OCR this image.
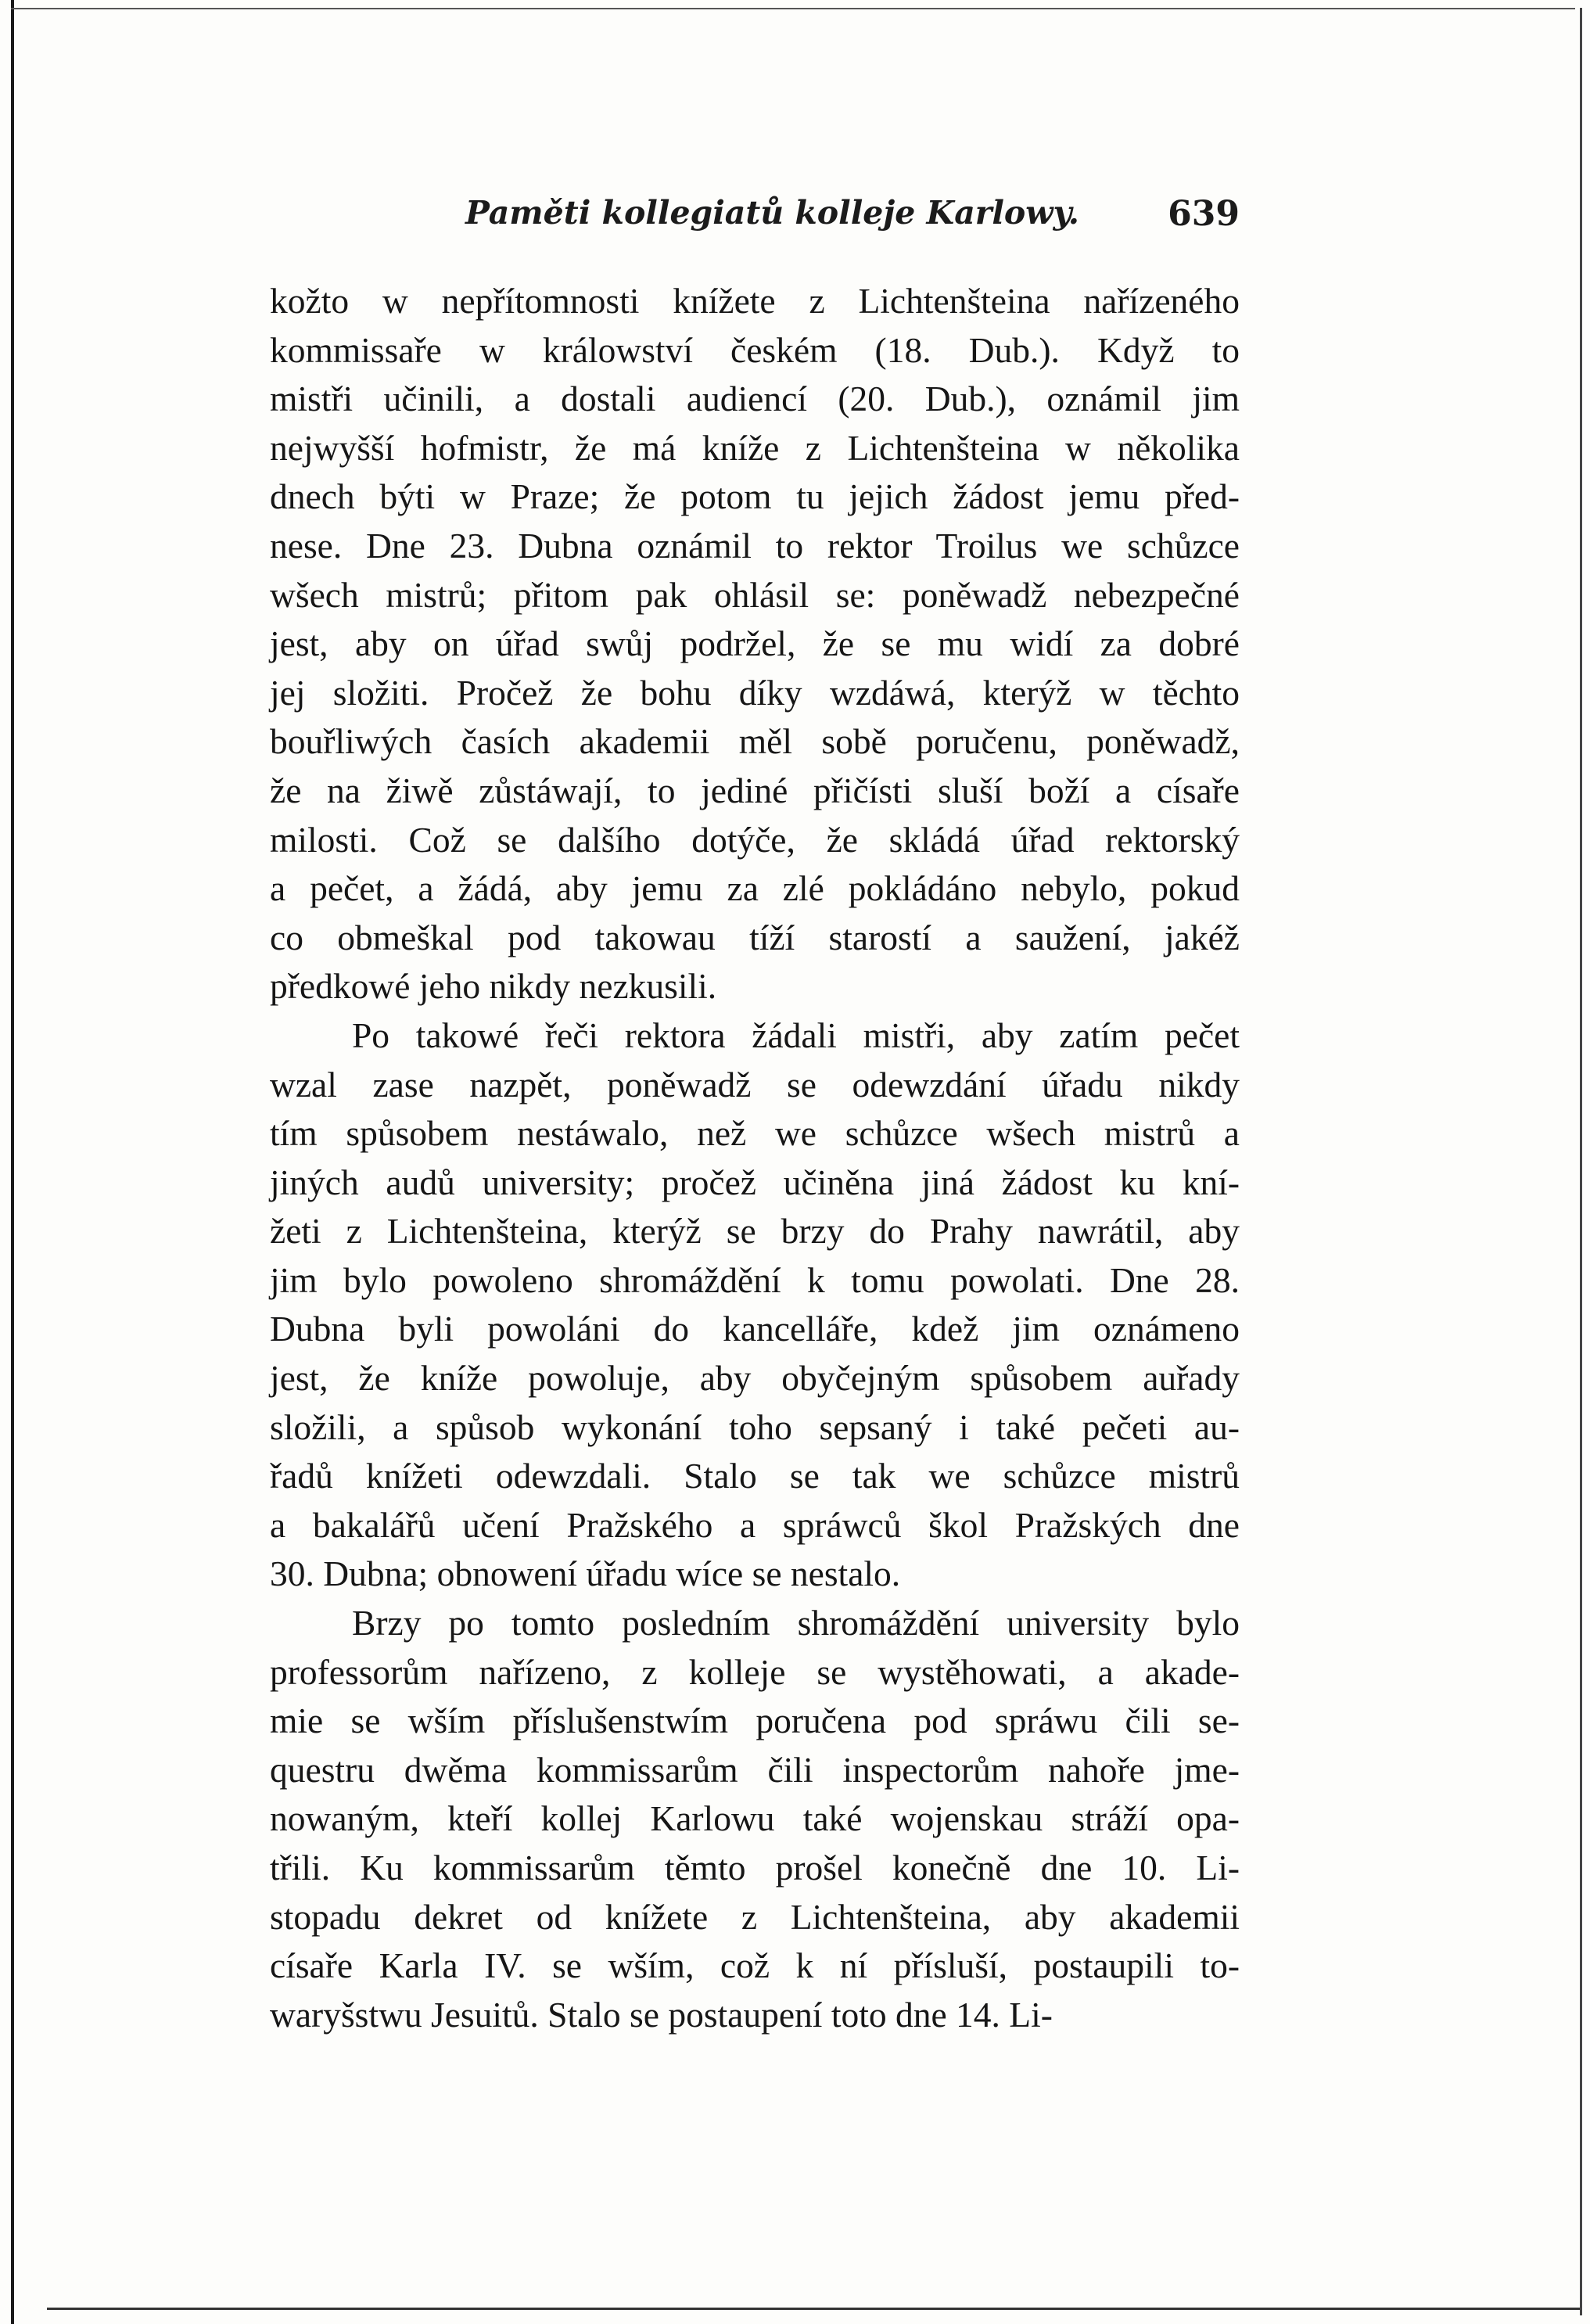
Paměti kollegiatů kolleje Karlowy.	639
kožto w nepřítomnosti knížete z Lichtenšteina nařízeného
kommissaře w králowství českém (18. Dub.). Když to
mistři učinili, a dostali audiencí (20. Dub.), oznámil jim
nejwyšší hofmistr, že má kníže z Lichtenšteina w několika
dnech býti w Praze; že potom tu jejich žádost jemu před-
nese. Dne 23. Dubna oznámil to rektor Troilus we schůzce
wšech mistrů; přitom pak ohlásil se: poněwadž nebezpečné
jest, aby on úřad swůj podržel, že se mu widí za dobré
jej složiti. Pročež že bohu díky wzdáwá, kterýž w těchto
bouřliwých časích akademii měl sobě poručenu, poněwadž,
že na žiwě zůstáwají, to jediné přičísti sluší boží a císaře
milosti. Což se dalšího dotýče, že skládá úřad rektorský
a pečet, a žádá, aby jemu za zlé pokládáno nebylo, pokud
co obmeškal pod takowau tíží starostí a saužení, jakéž
předkowé jeho nikdy nezkusili.
Po takowé řeči rektora žádali mistři, aby zatím pečet
wzal zase nazpět, poněwadž se odewzdání úřadu nikdy
tím spůsobem nestáwalo, než we schůzce wšech mistrů a
jiných audů university; pročež učiněna jiná žádost ku kní-
žeti z Lichtenšteina, kterýž se brzy do Prahy nawrátil, aby
jim bylo powoleno shromáždění k tomu powolati. Dne 28.
Dubna byli powoláni do kancelláře, kdež jim oznámeno
jest, že kníže powoluje, aby obyčejným spůsobem auřady
složili, a spůsob wykonání toho sepsaný i také pečeti au-
řadů knížeti odewzdali. Stalo se tak we schůzce mistrů
a bakalářů učení Pražského a spráwců škol Pražských dne
30. Dubna; obnowení úřadu wíce se nestalo.
Brzy po tomto posledním shromáždění university bylo
professorům nařízeno, z kolleje se wystěhowati, a akade-
mie se wším příslušenstwím poručena pod spráwu čili se-
questru dwěma kommissarům čili inspectorům nahoře jme-
nowaným, kteří kollej Karlowu také wojenskau stráží opa-
třili. Ku kommissarům těmto prošel konečně dne 10. Li-
stopadu dekret od knížete z Lichtenšteina, aby akademii
císaře Karla IV. se wším, což k ní přísluší, postaupili to-
waryšstwu Jesuitů. Stalo se postaupení toto dne 14. Li-
